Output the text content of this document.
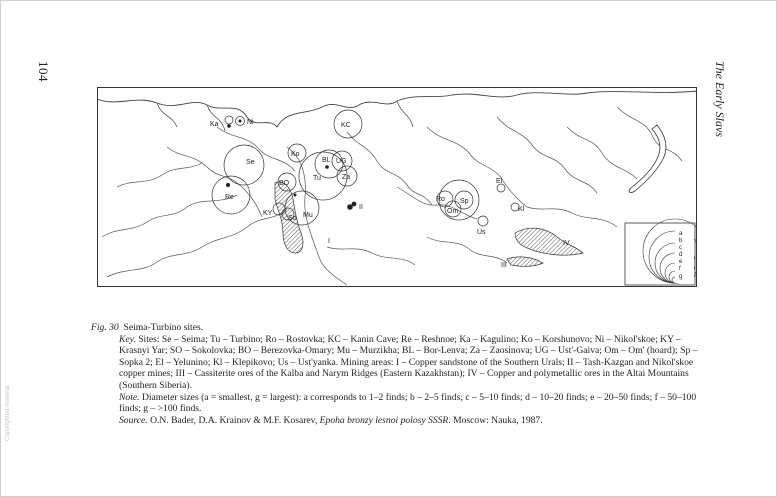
104	The Early Slavs
Copyrighted material
Ka	Ni	KC
Ko
BL UG
Se
Tu	Za
BO
Re
KY
So Mu
II
I
Ro Sp
Om
Us
El
Kl
IV
III
a
b
c
d
e
f
g

Fig. 30 Seima-Turbino sites.

Key. Sites: Se – Seima; Tu – Turbino; Ro – Rostovka; KC – Kanin Cave; Re – Reshnoe; Ka – Kagulino; Ko – Korshunovo; Ni – Nikol'skoe; KY – Krasnyi Yar; SO – Sokolovka; BO – Berezovka-Omary; Mu – Murzikha; BL – Bor-Lenva; Za – Zaosinova; UG – Ust'-Gaiva; Om – Om' (hoard); Sp – Sopka 2; El – Yelunino; Kl – Klepikovo; Us – Ust'yanka. Mining areas: I – Copper sandstone of the Southern Urals; II – Tash-Kazgan and Nikol'skoe copper mines; III – Cassiterite ores of the Kalba and Narym Ridges (Eastern Kazakhstan); IV – Copper and polymetallic ores in the Altai Mountains (Southern Siberia).

Note. Diameter sizes (a = smallest, g = largest): a corresponds to 1–2 finds; b – 2–5 finds; c – 5–10 finds; d – 10–20 finds; e – 20–50 finds; f – 50–100 finds; g – >100 finds.

Source. O.N. Bader, D.A. Krainov & M.F. Kosarev, Epoha bronzy lesnoi polosy SSSR. Moscow: Nauka, 1987.
